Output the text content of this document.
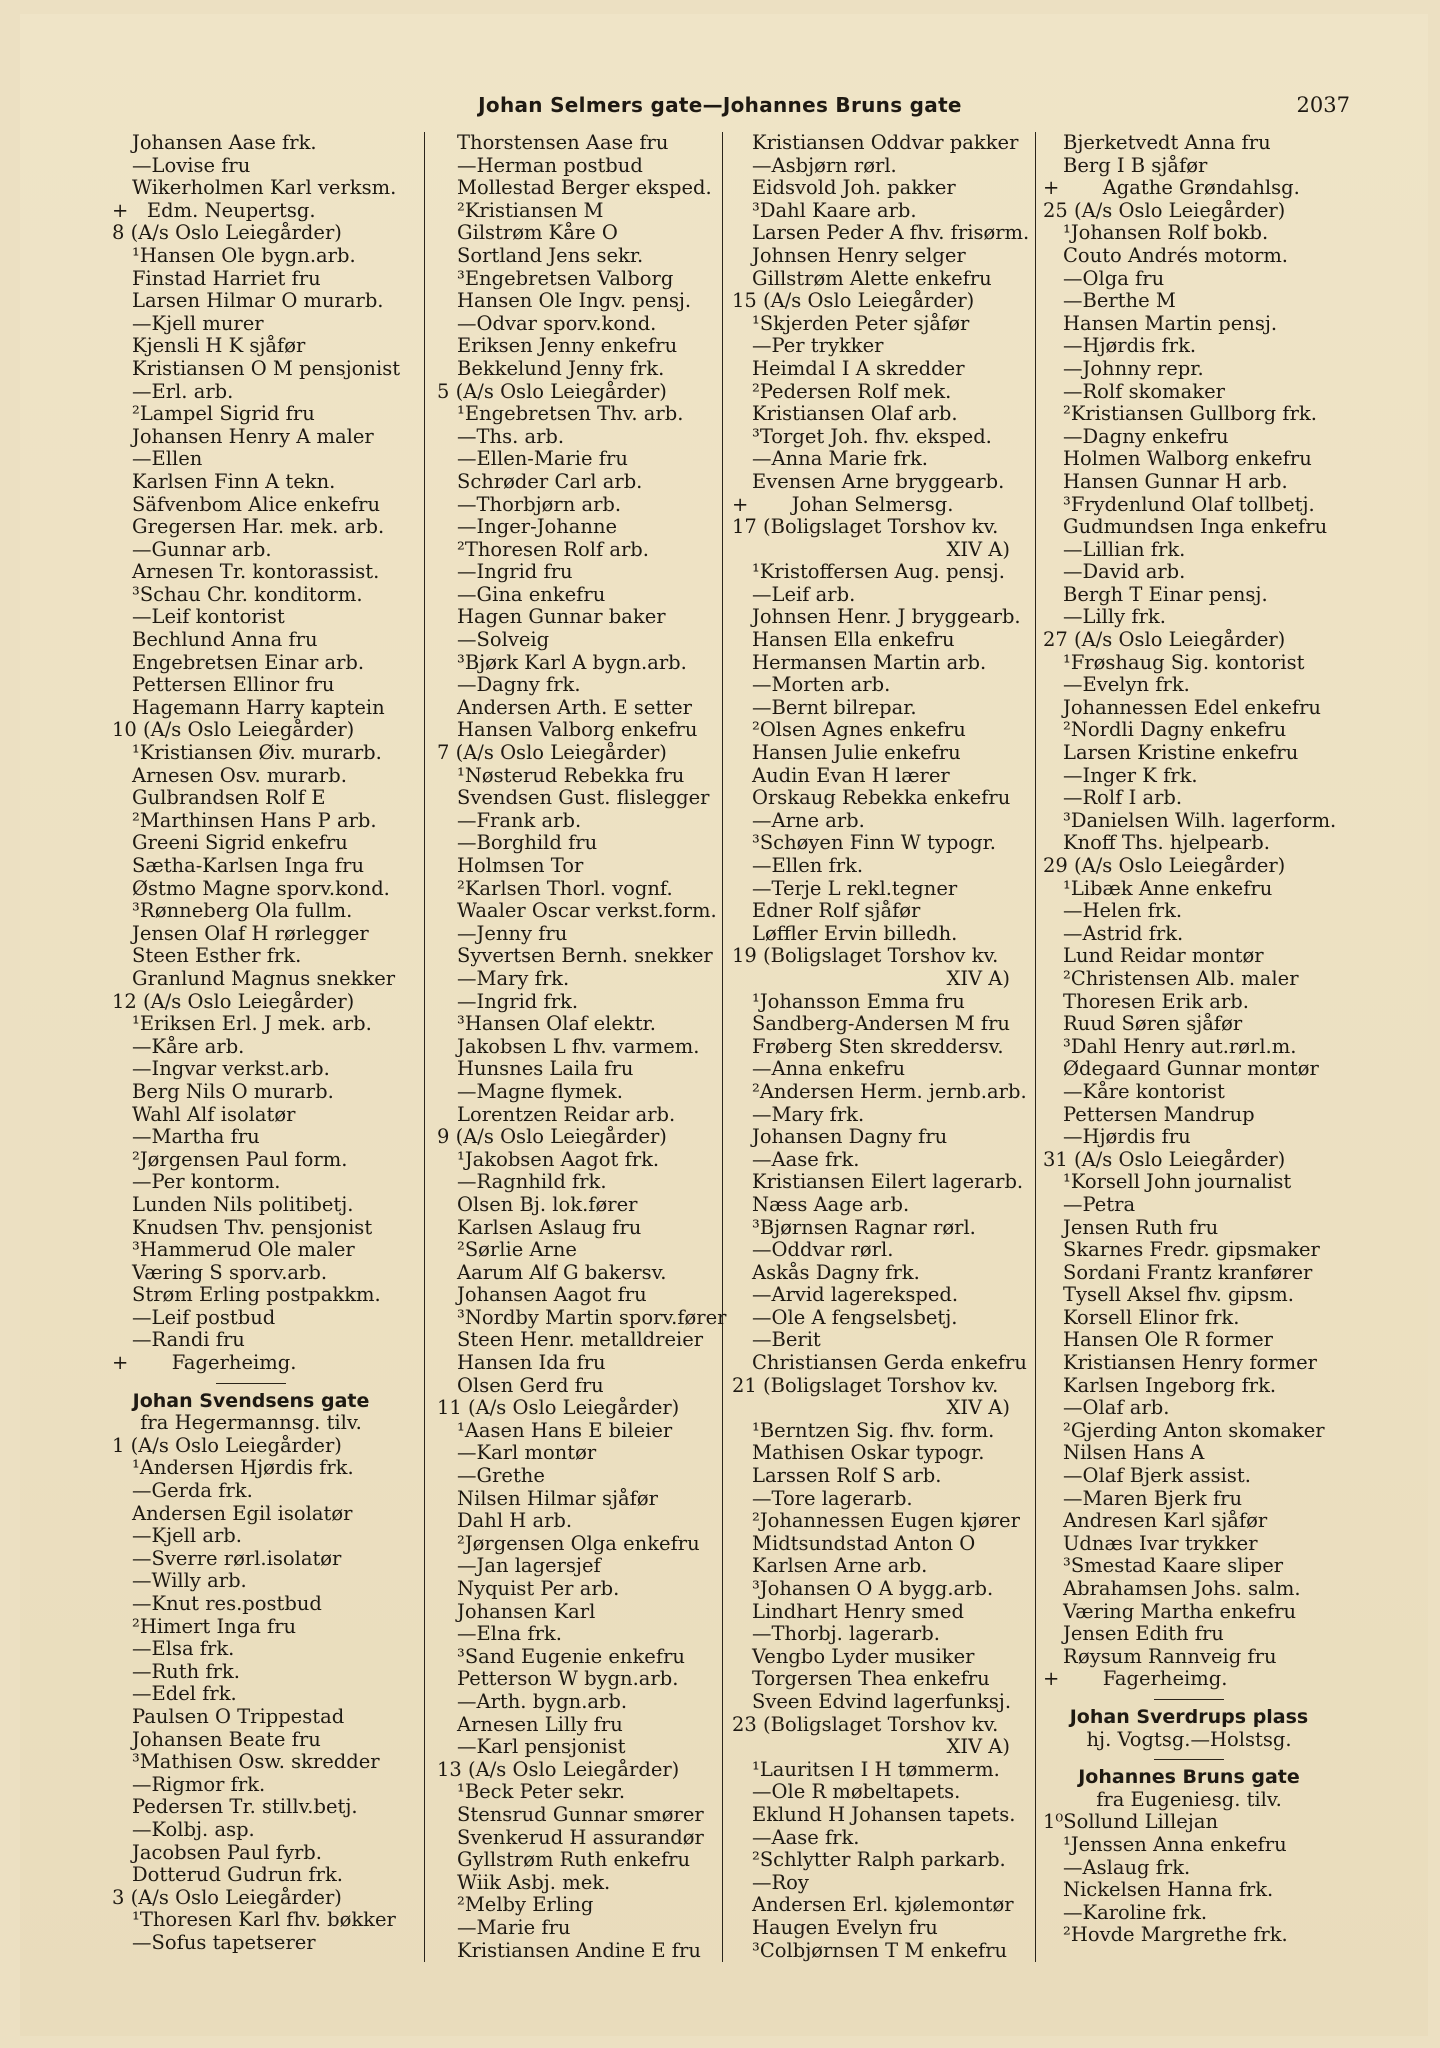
Johan Selmers gate—Johannes Bruns gate	2037
Johansen Aase frk.
—Lovise fru
Wikerholmen Karl verksm.
+   Edm. Neupertsg.
8 (A/s Oslo Leiegårder)
¹Hansen Ole bygn.arb.
Finstad Harriet fru
Larsen Hilmar O murarb.
—Kjell murer
Kjensli H K sjåfør
Kristiansen O M pensjonist
—Erl. arb.
²Lampel Sigrid fru
Johansen Henry A maler
—Ellen
Karlsen Finn A tekn.
Säfvenbom Alice enkefru
Gregersen Har. mek. arb.
—Gunnar arb.
Arnesen Tr. kontorassist.
³Schau Chr. konditorm.
—Leif kontorist
Bechlund Anna fru
Engebretsen Einar arb.
Pettersen Ellinor fru
Hagemann Harry kaptein
10 (A/s Oslo Leiegårder)
¹Kristiansen Øiv. murarb.
Arnesen Osv. murarb.
Gulbrandsen Rolf E
²Marthinsen Hans P arb.
Greeni Sigrid enkefru
Sætha-Karlsen Inga fru
Østmo Magne sporv.kond.
³Rønneberg Ola fullm.
Jensen Olaf H rørlegger
Steen Esther frk.
Granlund Magnus snekker
12 (A/s Oslo Leiegårder)
¹Eriksen Erl. J mek. arb.
—Kåre arb.
—Ingvar verkst.arb.
Berg Nils O murarb.
Wahl Alf isolatør
—Martha fru
²Jørgensen Paul form.
—Per kontorm.
Lunden Nils politibetj.
Knudsen Thv. pensjonist
³Hammerud Ole maler
Væring S sporv.arb.
Strøm Erling postpakkm.
—Leif postbud
—Randi fru
+       Fagerheimg.
Johan Svendsens gate
fra Hegermannsg. tilv.
1 (A/s Oslo Leiegårder)
¹Andersen Hjørdis frk.
—Gerda frk.
Andersen Egil isolatør
—Kjell arb.
—Sverre rørl.isolatør
—Willy arb.
—Knut res.postbud
²Himert Inga fru
—Elsa frk.
—Ruth frk.
—Edel frk.
Paulsen O Trippestad
Johansen Beate fru
³Mathisen Osw. skredder
—Rigmor frk.
Pedersen Tr. stillv.betj.
—Kolbj. asp.
Jacobsen Paul fyrb.
Dotterud Gudrun frk.
3 (A/s Oslo Leiegårder)
¹Thoresen Karl fhv. bøkker
—Sofus tapetserer
Thorstensen Aase fru
—Herman postbud
Mollestad Berger eksped.
²Kristiansen M
Gilstrøm Kåre O
Sortland Jens sekr.
³Engebretsen Valborg
Hansen Ole Ingv. pensj.
—Odvar sporv.kond.
Eriksen Jenny enkefru
Bekkelund Jenny frk.
5 (A/s Oslo Leiegårder)
¹Engebretsen Thv. arb.
—Ths. arb.
—Ellen-Marie fru
Schrøder Carl arb.
—Thorbjørn arb.
—Inger-Johanne
²Thoresen Rolf arb.
—Ingrid fru
—Gina enkefru
Hagen Gunnar baker
—Solveig
³Bjørk Karl A bygn.arb.
—Dagny frk.
Andersen Arth. E setter
Hansen Valborg enkefru
7 (A/s Oslo Leiegårder)
¹Nøsterud Rebekka fru
Svendsen Gust. flislegger
—Frank arb.
—Borghild fru
Holmsen Tor
²Karlsen Thorl. vognf.
Waaler Oscar verkst.form.
—Jenny fru
Syvertsen Bernh. snekker
—Mary frk.
—Ingrid frk.
³Hansen Olaf elektr.
Jakobsen L fhv. varmem.
Hunsnes Laila fru
—Magne flymek.
Lorentzen Reidar arb.
9 (A/s Oslo Leiegårder)
¹Jakobsen Aagot frk.
—Ragnhild frk.
Olsen Bj. lok.fører
Karlsen Aslaug fru
²Sørlie Arne
Aarum Alf G bakersv.
Johansen Aagot fru
³Nordby Martin sporv.fører
Steen Henr. metalldreier
Hansen Ida fru
Olsen Gerd fru
11 (A/s Oslo Leiegårder)
¹Aasen Hans E bileier
—Karl montør
—Grethe
Nilsen Hilmar sjåfør
Dahl H arb.
²Jørgensen Olga enkefru
—Jan lagersjef
Nyquist Per arb.
Johansen Karl
—Elna frk.
³Sand Eugenie enkefru
Petterson W bygn.arb.
—Arth. bygn.arb.
Arnesen Lilly fru
—Karl pensjonist
13 (A/s Oslo Leiegårder)
¹Beck Peter sekr.
Stensrud Gunnar smører
Svenkerud H assurandør
Gyllstrøm Ruth enkefru
Wiik Asbj. mek.
²Melby Erling
—Marie fru
Kristiansen Andine E fru
Kristiansen Oddvar pakker
—Asbjørn rørl.
Eidsvold Joh. pakker
³Dahl Kaare arb.
Larsen Peder A fhv. frisørm.
Johnsen Henry selger
Gillstrøm Alette enkefru
15 (A/s Oslo Leiegårder)
¹Skjerden Peter sjåfør
—Per trykker
Heimdal I A skredder
²Pedersen Rolf mek.
Kristiansen Olaf arb.
³Torget Joh. fhv. eksped.
—Anna Marie frk.
Evensen Arne bryggearb.
+       Johan Selmersg.
17 (Boligslaget Torshov kv.
XIV A)
¹Kristoffersen Aug. pensj.
—Leif arb.
Johnsen Henr. J bryggearb.
Hansen Ella enkefru
Hermansen Martin arb.
—Morten arb.
—Bernt bilrepar.
²Olsen Agnes enkefru
Hansen Julie enkefru
Audin Evan H lærer
Orskaug Rebekka enkefru
—Arne arb.
³Schøyen Finn W typogr.
—Ellen frk.
—Terje L rekl.tegner
Edner Rolf sjåfør
Løffler Ervin billedh.
19 (Boligslaget Torshov kv.
XIV A)
¹Johansson Emma fru
Sandberg-Andersen M fru
Frøberg Sten skreddersv.
—Anna enkefru
²Andersen Herm. jernb.arb.
—Mary frk.
Johansen Dagny fru
—Aase frk.
Kristiansen Eilert lagerarb.
Næss Aage arb.
³Bjørnsen Ragnar rørl.
—Oddvar rørl.
Askås Dagny frk.
—Arvid lagereksped.
—Ole A fengselsbetj.
—Berit
Christiansen Gerda enkefru
21 (Boligslaget Torshov kv.
XIV A)
¹Berntzen Sig. fhv. form.
Mathisen Oskar typogr.
Larssen Rolf S arb.
—Tore lagerarb.
²Johannessen Eugen kjører
Midtsundstad Anton O
Karlsen Arne arb.
³Johansen O A bygg.arb.
Lindhart Henry smed
—Thorbj. lagerarb.
Vengbo Lyder musiker
Torgersen Thea enkefru
Sveen Edvind lagerfunksj.
23 (Boligslaget Torshov kv.
XIV A)
¹Lauritsen I H tømmerm.
—Ole R møbeltapets.
Eklund H Johansen tapets.
—Aase frk.
²Schlytter Ralph parkarb.
—Roy
Andersen Erl. kjølemontør
Haugen Evelyn fru
³Colbjørnsen T M enkefru
Bjerketvedt Anna fru
Berg I B sjåfør
+       Agathe Grøndahlsg.
25 (A/s Oslo Leiegårder)
¹Johansen Rolf bokb.
Couto Andrés motorm.
—Olga fru
—Berthe M
Hansen Martin pensj.
—Hjørdis frk.
—Johnny repr.
—Rolf skomaker
²Kristiansen Gullborg frk.
—Dagny enkefru
Holmen Walborg enkefru
Hansen Gunnar H arb.
³Frydenlund Olaf tollbetj.
Gudmundsen Inga enkefru
—Lillian frk.
—David arb.
Bergh T Einar pensj.
—Lilly frk.
27 (A/s Oslo Leiegårder)
¹Frøshaug Sig. kontorist
—Evelyn frk.
Johannessen Edel enkefru
²Nordli Dagny enkefru
Larsen Kristine enkefru
—Inger K frk.
—Rolf I arb.
³Danielsen Wilh. lagerform.
Knoff Ths. hjelpearb.
29 (A/s Oslo Leiegårder)
¹Libæk Anne enkefru
—Helen frk.
—Astrid frk.
Lund Reidar montør
²Christensen Alb. maler
Thoresen Erik arb.
Ruud Søren sjåfør
³Dahl Henry aut.rørl.m.
Ødegaard Gunnar montør
—Kåre kontorist
Pettersen Mandrup
—Hjørdis fru
31 (A/s Oslo Leiegårder)
¹Korsell John journalist
—Petra
Jensen Ruth fru
Skarnes Fredr. gipsmaker
Sordani Frantz kranfører
Tysell Aksel fhv. gipsm.
Korsell Elinor frk.
Hansen Ole R former
Kristiansen Henry former
Karlsen Ingeborg frk.
—Olaf arb.
²Gjerding Anton skomaker
Nilsen Hans A
—Olaf Bjerk assist.
—Maren Bjerk fru
Andresen Karl sjåfør
Udnæs Ivar trykker
³Smestad Kaare sliper
Abrahamsen Johs. salm.
Væring Martha enkefru
Jensen Edith fru
Røysum Rannveig fru
+       Fagerheimg.
Johan Sverdrups plass
hj. Vogtsg.—Holstsg.
Johannes Bruns gate
fra Eugeniesg. tilv.
1⁰Sollund Lillejan
¹Jenssen Anna enkefru
—Aslaug frk.
Nickelsen Hanna frk.
—Karoline frk.
²Hovde Margrethe frk.
